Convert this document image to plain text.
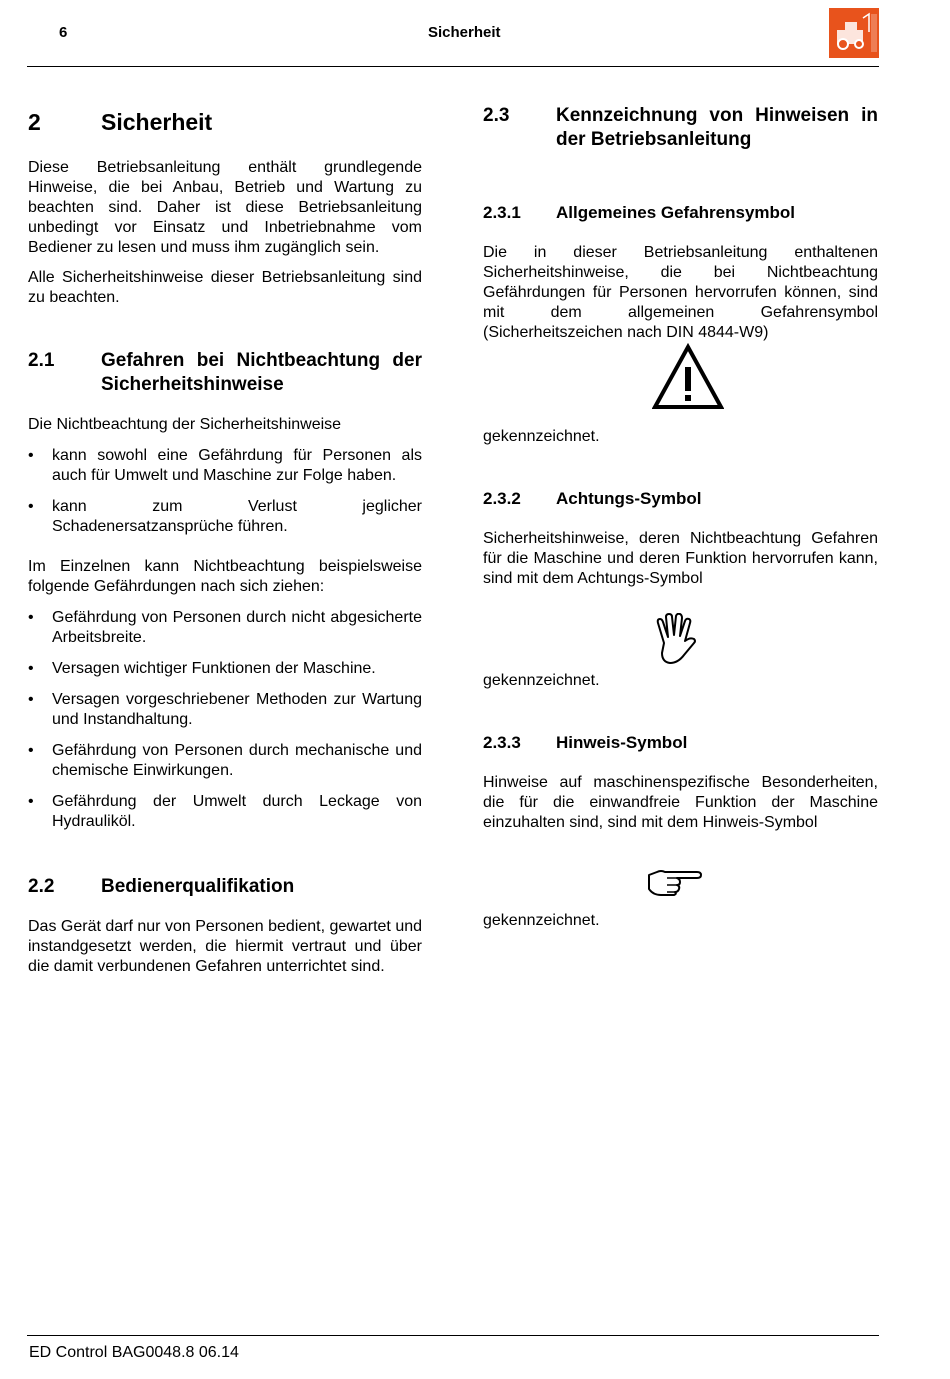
6	Sicherheit
2	Sicherheit

Diese Betriebsanleitung enthält grundlegende Hinweise, die bei Anbau, Betrieb und Wartung zu beachten sind. Daher ist diese Betriebsanleitung unbedingt vor Einsatz und Inbetriebnahme vom Bediener zu lesen und muss ihm zugänglich sein.

Alle Sicherheitshinweise dieser Betriebsanleitung sind zu beachten.

2.1	Gefahren bei Nichtbeachtung der Sicherheitshinweise

Die Nichtbeachtung der Sicherheitshinweise

• kann sowohl eine Gefährdung für Personen als auch für Umwelt und Maschine zur Folge haben.
• kann zum Verlust jeglicher Schadenersatzansprüche führen.

Im Einzelnen kann Nichtbeachtung beispielsweise folgende Gefährdungen nach sich ziehen:

• Gefährdung von Personen durch nicht abgesicherte Arbeitsbreite.
• Versagen wichtiger Funktionen der Maschine.
• Versagen vorgeschriebener Methoden zur Wartung und Instandhaltung.
• Gefährdung von Personen durch mechanische und chemische Einwirkungen.
• Gefährdung der Umwelt durch Leckage von Hydrauliköl.
2.2	Bedienerqualifikation

Das Gerät darf nur von Personen bedient, gewartet und instandgesetzt werden, die hiermit vertraut und über die damit verbundenen Gefahren unterrichtet sind.

2.3	Kennzeichnung von Hinweisen in der Betriebsanleitung
2.3.1	Allgemeines Gefahrensymbol

Die in dieser Betriebsanleitung enthaltenen Sicherheitshinweise, die bei Nichtbeachtung Gefährdungen für Personen hervorrufen können, sind mit dem allgemeinen Gefahrensymbol (Sicherheitszeichen nach DIN 4844-W9)

gekennzeichnet.

2.3.2	Achtungs-Symbol

Sicherheitshinweise, deren Nichtbeachtung Gefahren für die Maschine und deren Funktion hervorrufen kann, sind mit dem Achtungs-Symbol

gekennzeichnet.

2.3.3	Hinweis-Symbol

Hinweise auf maschinenspezifische Besonderheiten, die für die einwandfreie Funktion der Maschine einzuhalten sind, sind mit dem Hinweis-Symbol

gekennzeichnet.

ED Control BAG0048.8 06.14
